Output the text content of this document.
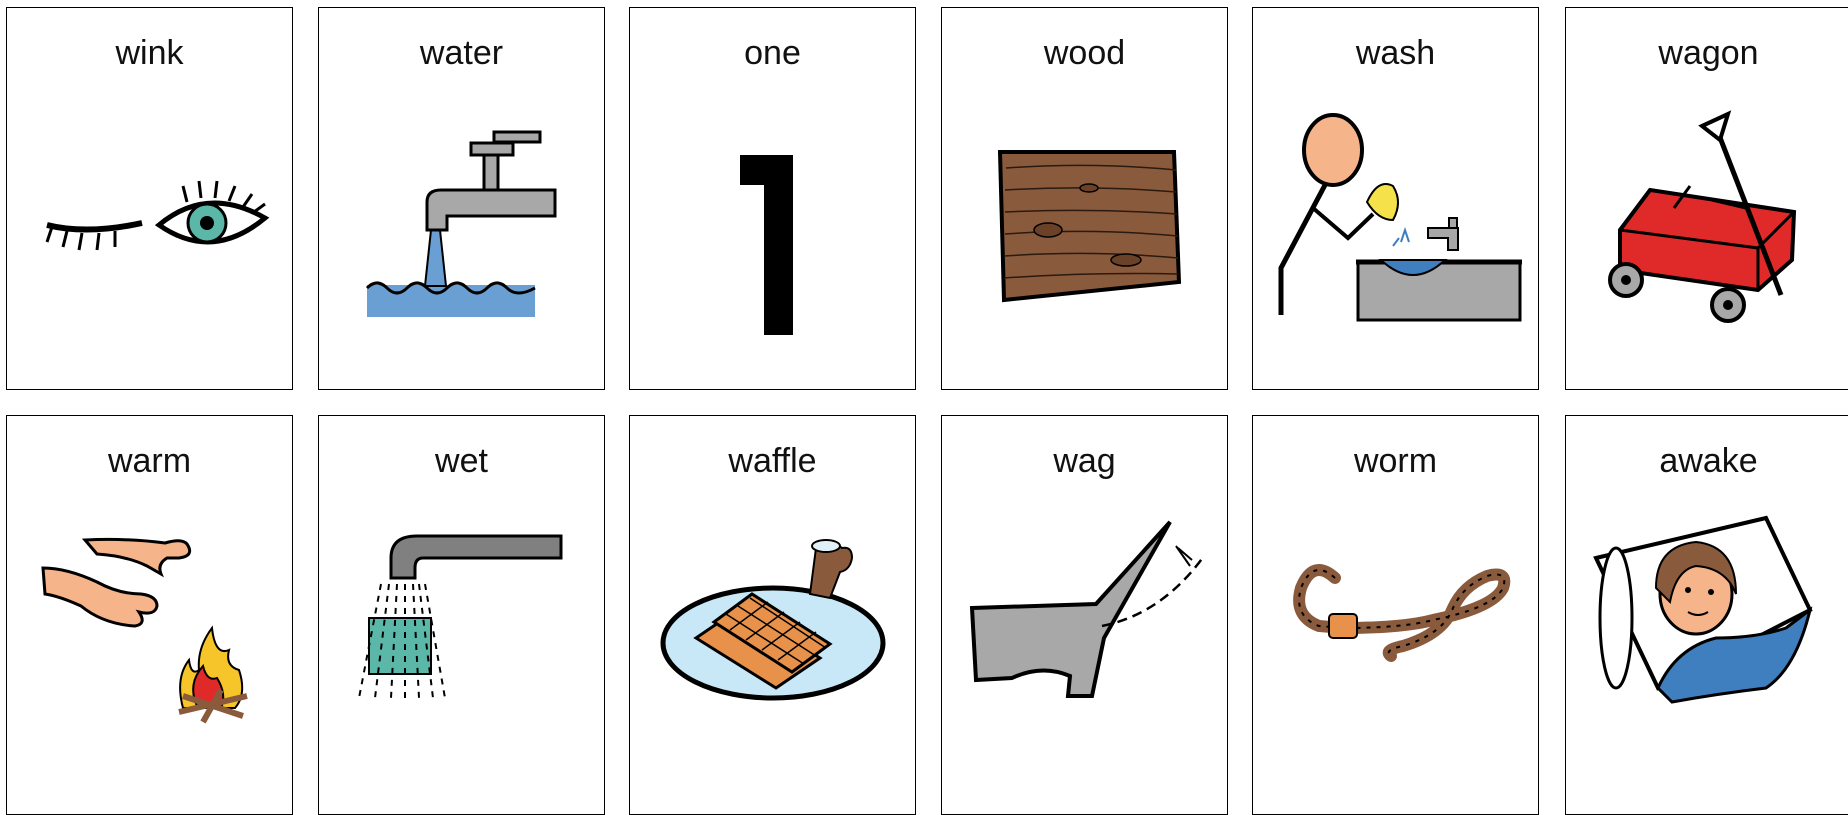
wink	water	one	wood	wash	wagon
warm	wet	waffle	wag	worm	awake
